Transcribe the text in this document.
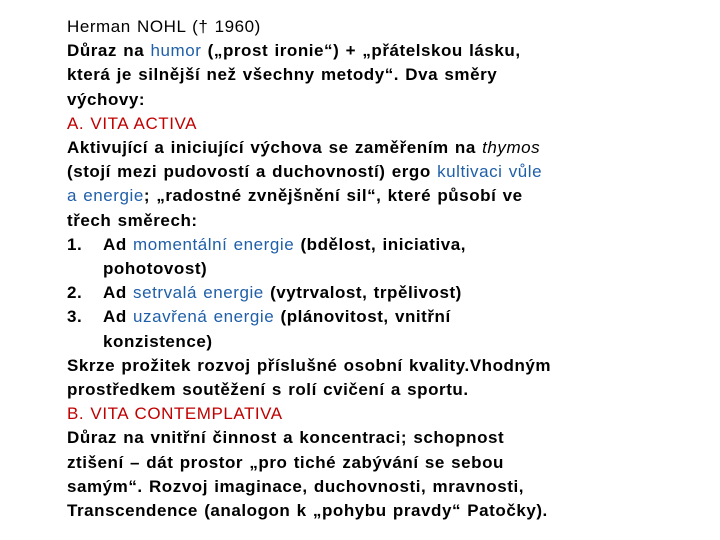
Herman NOHL († 1960)
Důraz na humor („prost ironie“) + „přátelskou lásku,
která je silnější než všechny metody“. Dva směry
výchovy:
A. VITA ACTIVA
Aktivující a iniciující výchova se zaměřením na thymos
(stojí mezi pudovostí a duchovností) ergo kultivaci vůle
a energie; „radostné zvnějšnění sil“, které působí ve
třech směrech:
1. Ad momentální energie (bdělost, iniciativa,
pohotovost)
2. Ad setrvalá energie (vytrvalost, trpělivost)
3. Ad uzavřená energie (plánovitost, vnitřní
konzistence)
Skrze prožitek rozvoj příslušné osobní kvality.Vhodným
prostředkem soutěžení s rolí cvičení a sportu.
B. VITA CONTEMPLATIVA
Důraz na vnitřní činnost a koncentraci; schopnost
ztišení – dát prostor „pro tiché zabývání se sebou
samým“. Rozvoj imaginace, duchovnosti, mravnosti,
Transcendence (analogon k „pohybu pravdy“ Patočky).
